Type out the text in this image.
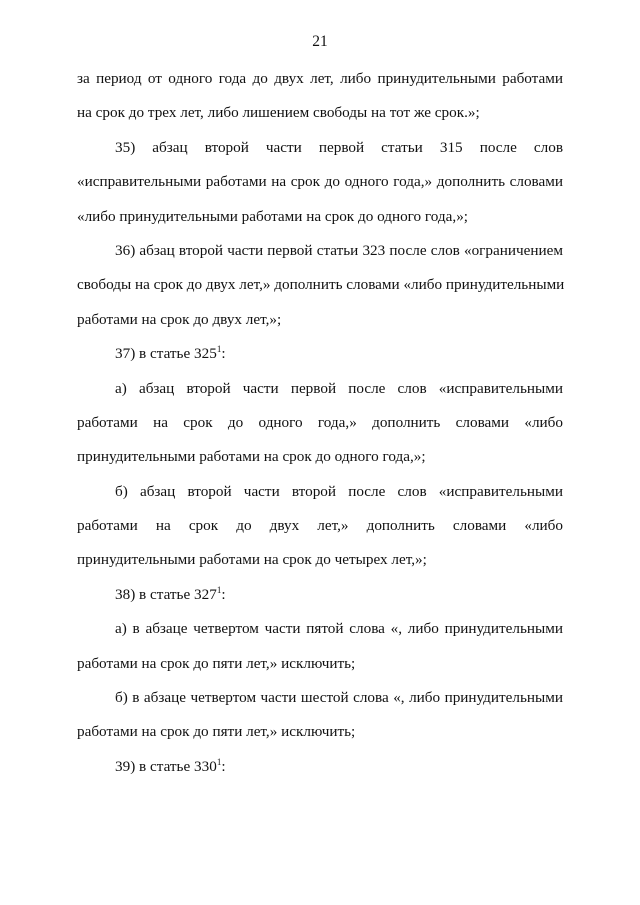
21
за период от одного года до двух лет, либо принудительными работами
на срок до трех лет, либо лишением свободы на тот же срок.»;
35) абзац второй части первой статьи 315 после слов
«исправительными работами на срок до одного года,» дополнить словами
«либо принудительными работами на срок до одного года,»;
36) абзац второй части первой статьи 323 после слов «ограничением
свободы на срок до двух лет,» дополнить словами «либо принудительными
работами на срок до двух лет,»;
37) в статье $325^1$:
а) абзац второй части первой после слов «исправительными
работами на срок до одного года,» дополнить словами «либо
принудительными работами на срок до одного года,»;
б) абзац второй части второй после слов «исправительными
работами на срок до двух лет,» дополнить словами «либо
принудительными работами на срок до четырех лет,»;
38) в статье $327^1$:
а) в абзаце четвертом части пятой слова «, либо принудительными
работами на срок до пяти лет,» исключить;
б) в абзаце четвертом части шестой слова «, либо принудительными
работами на срок до пяти лет,» исключить;
39) в статье $330^1$:
